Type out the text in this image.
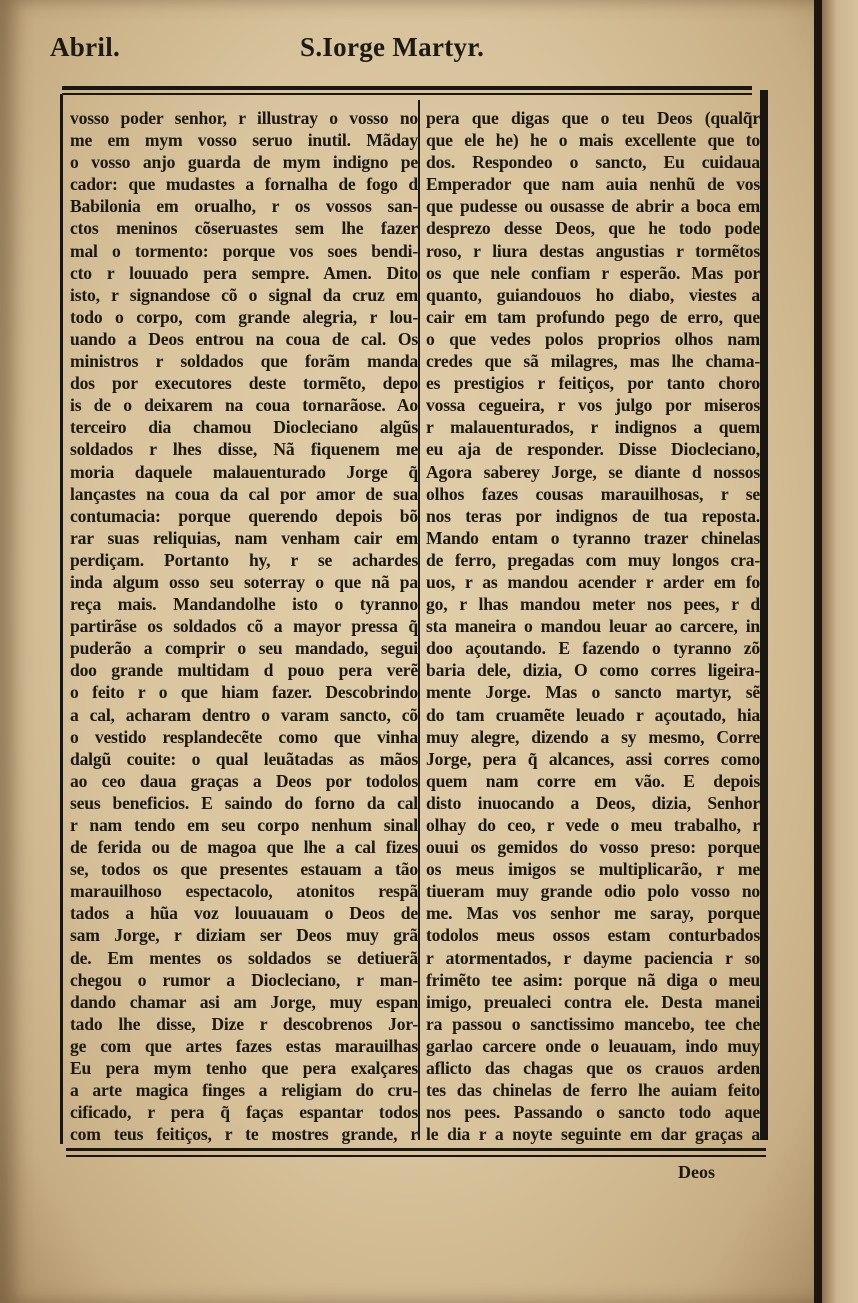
Abril.	S.Iorge Martyr.
vosso poder senhor, r illustray o vosso no
me em mym vosso seruo inutil. Mãday
o vosso anjo guarda de mym indigno pe
cador: que mudastes a fornalha de fogo d
Babilonia em orualho, r os vossos san-
ctos meninos cõseruastes sem lhe fazer
mal o tormento: porque vos soes bendi-
cto r louuado pera sempre. Amen. Dito
isto, r signandose cõ o signal da cruz em
todo o corpo, com grande alegria, r lou-
uando a Deos entrou na coua de cal. Os
ministros r soldados que forãm manda
dos por executores deste tormẽto, depo
is de o deixarem na coua tornarãose. Ao
terceiro dia chamou Diocleciano algũs
soldados r lhes disse, Nã fiquenem me
moria daquele malauenturado Jorge q̃
lançastes na coua da cal por amor de sua
contumacia: porque querendo depois bõ
rar suas reliquias, nam venham cair em
perdiçam. Portanto hy, r se achardes
inda algum osso seu soterray o que nã pa
reça mais. Mandandolhe isto o tyranno
partirãse os soldados cõ a mayor pressa q̃
puderão a comprir o seu mandado, segui
doo grande multidam d pouo pera verẽ
o feito r o que hiam fazer. Descobrindo
a cal, acharam dentro o varam sancto, cõ
o vestido resplandecẽte como que vinha
dalgũ couite: o qual leuãtadas as mãos
ao ceo daua graças a Deos por todolos
seus beneficios. E saindo do forno da cal
r nam tendo em seu corpo nenhum sinal
de ferida ou de magoa que lhe a cal fizes
se, todos os que presentes estauam a tão
marauilhoso espectacolo, atonitos respã
tados a hũa voz louuauam o Deos de
sam Jorge, r diziam ser Deos muy grã
de. Em mentes os soldados se detiuerã
chegou o rumor a Diocleciano, r man-
dando chamar asi am Jorge, muy espan
tado lhe disse, Dize r descobrenos Jor-
ge com que artes fazes estas marauilhas
Eu pera mym tenho que pera exalçares
a arte magica finges a religiam do cru-
cificado, r pera q̃ faças espantar todos
com teus feitiços, r te mostres grande, r
pera que digas que o teu Deos (qualq̃r
que ele he) he o mais excellente que to
dos. Respondeo o sancto, Eu cuidaua
Emperador que nam auia nenhũ de vos
que pudesse ou ousasse de abrir a boca em
desprezo desse Deos, que he todo pode
roso, r liura destas angustias r tormẽtos
os que nele confiam r esperão. Mas por
quanto, guiandouos ho diabo, viestes a
cair em tam profundo pego de erro, que
o que vedes polos proprios olhos nam
credes que sã milagres, mas lhe chama-
es prestigios r feitiços, por tanto choro
vossa cegueira, r vos julgo por miseros
r malauenturados, r indignos a quem
eu aja de responder. Disse Diocleciano,
Agora saberey Jorge, se diante d nossos
olhos fazes cousas marauilhosas, r se
nos teras por indignos de tua reposta.
Mando entam o tyranno trazer chinelas
de ferro, pregadas com muy longos cra-
uos, r as mandou acender r arder em fo
go, r lhas mandou meter nos pees, r d
sta maneira o mandou leuar ao carcere, in
doo açoutando. E fazendo o tyranno zõ
baria dele, dizia, O como corres ligeira-
mente Jorge. Mas o sancto martyr, sẽ
do tam cruamẽte leuado r açoutado, hia
muy alegre, dizendo a sy mesmo, Corre
Jorge, pera q̃ alcances, assi corres como
quem nam corre em vão. E depois
disto inuocando a Deos, dizia, Senhor
olhay do ceo, r vede o meu trabalho, r
ouui os gemidos do vosso preso: porque
os meus imigos se multiplicarão, r me
tiueram muy grande odio polo vosso no
me. Mas vos senhor me saray, porque
todolos meus ossos estam conturbados
r atormentados, r dayme paciencia r so
frimẽto tee asim: porque nã diga o meu
imigo, preualeci contra ele. Desta manei
ra passou o sanctissimo mancebo, tee che
garlao carcere onde o leuauam, indo muy
aflicto das chagas que os crauos arden
tes das chinelas de ferro lhe auiam feito
nos pees. Passando o sancto todo aque
le dia r a noyte seguinte em dar graças a
Deos
